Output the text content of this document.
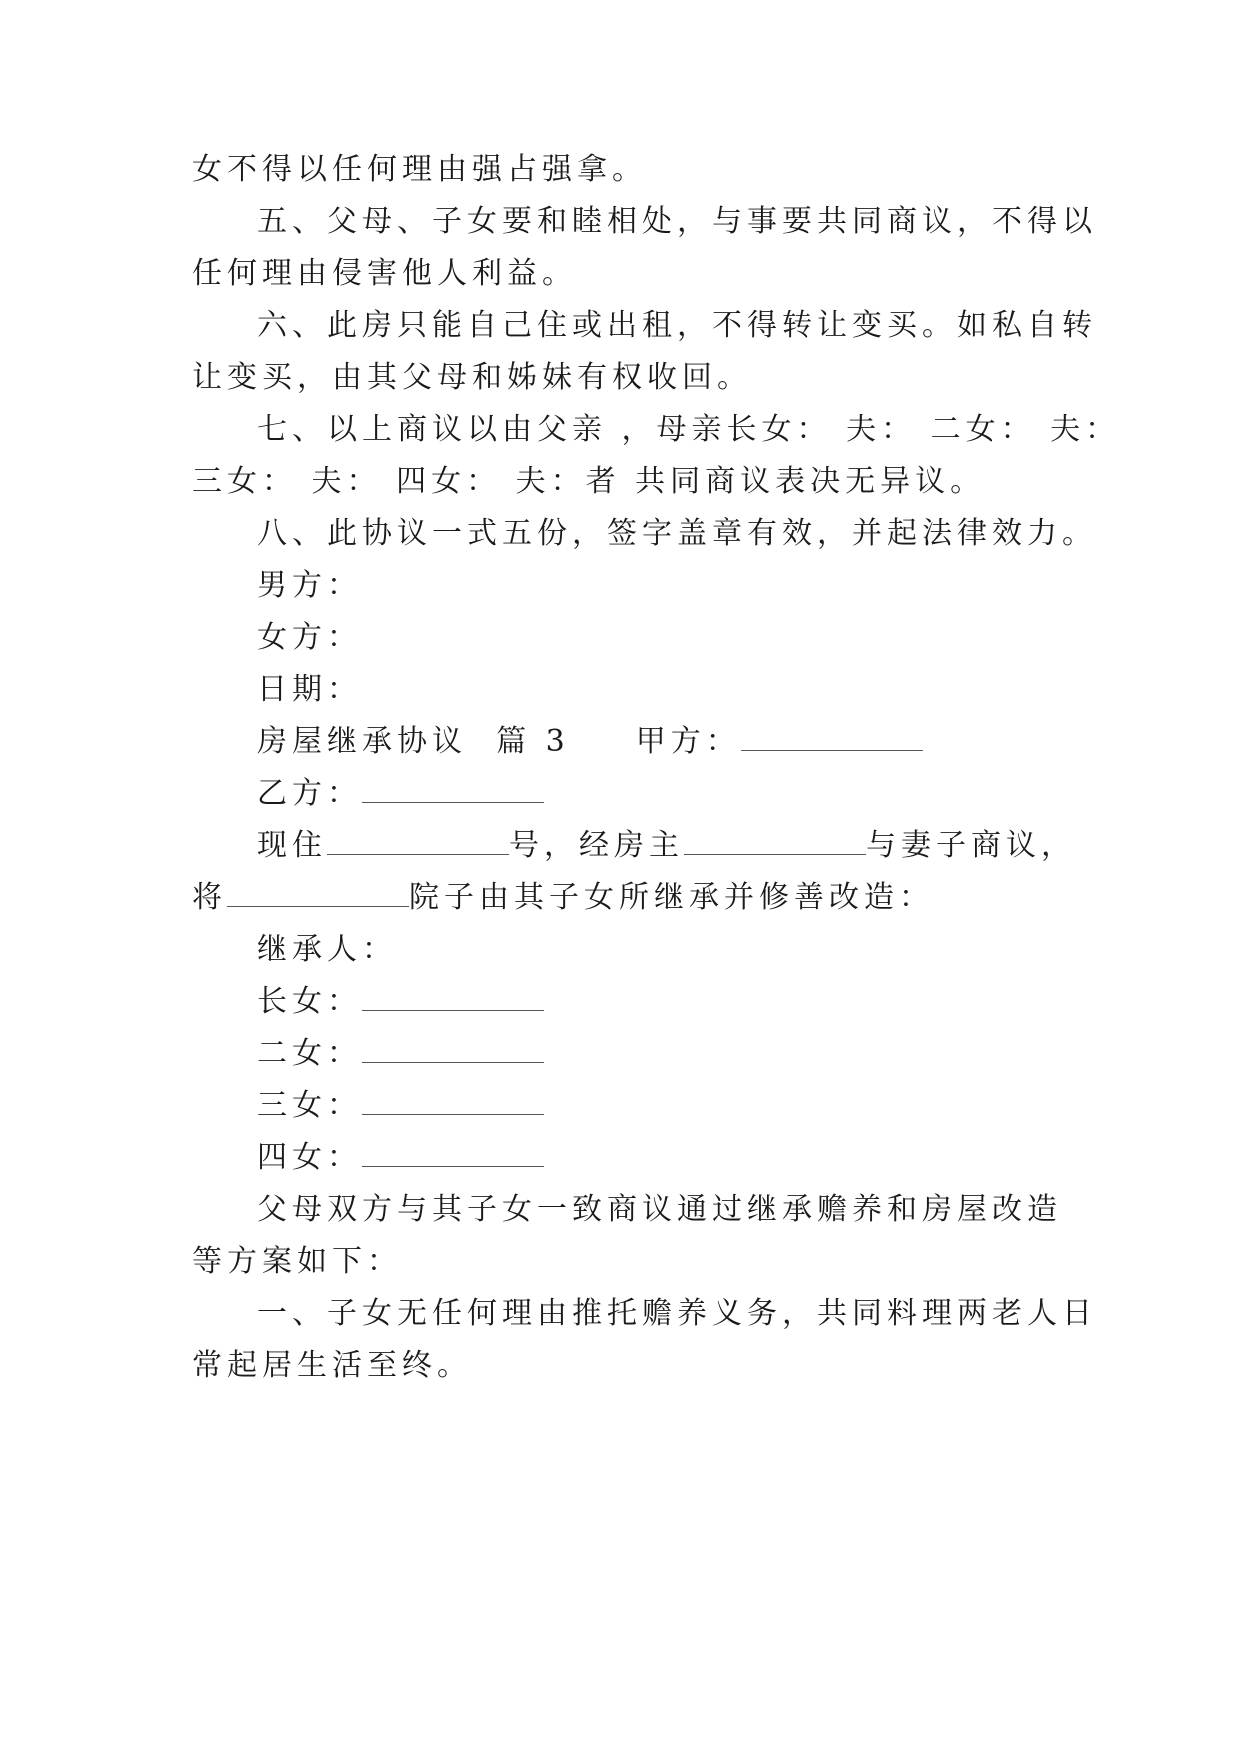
女不得以任何理由强占强拿。
五、父母、子女要和睦相处，与事要共同商议，不得以
任何理由侵害他人利益。
六、此房只能自己住或出租，不得转让变买。如私自转
让变买，由其父母和姊妹有权收回。
七、以上商议以由父亲 ，母亲长女： 夫： 二女： 夫：
三女： 夫： 四女： 夫：者 共同商议表决无异议。
八、此协议一式五份，签字盖章有效，并起法律效力。
男方：
女方：
日期：
房屋继承协议  篇 3 甲方：
乙方：
现住	号，经房主	与妻子商议，
将	院子由其子女所继承并修善改造：
继承人：
长女：
二女：
三女：
四女：
父母双方与其子女一致商议通过继承赡养和房屋改造
等方案如下：
一、子女无任何理由推托赡养义务，共同料理两老人日
常起居生活至终。
